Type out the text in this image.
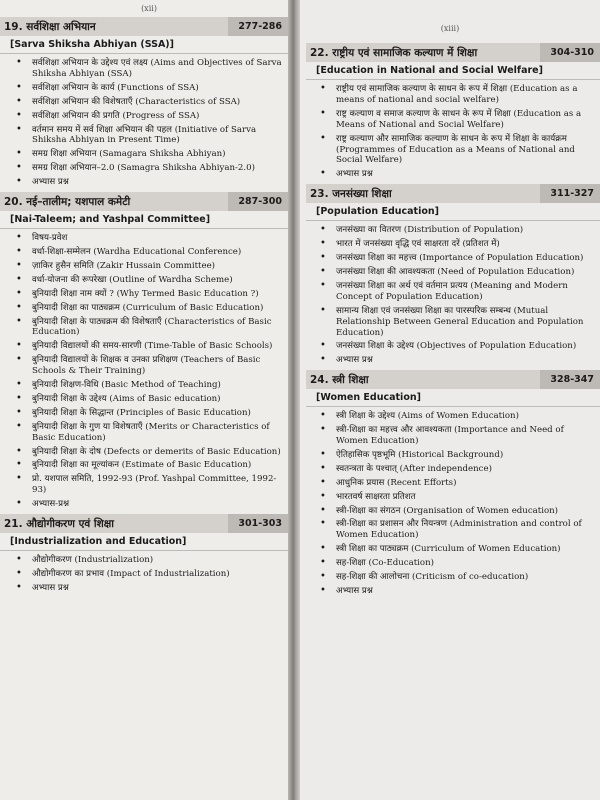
(xii)
19. सर्वशिक्षा अभियान	277-286
[Sarva Shiksha Abhiyan (SSA)]
• सर्वशिक्षा अभियान के उद्देश्य एवं लक्ष्य (Aims and Objectives of Sarva Shiksha Abhiyan (SSA)
• सर्वशिक्षा अभियान के कार्य (Functions of SSA)
• सर्वशिक्षा अभियान की विशेषताएँ (Characteristics of SSA)
• सर्वशिक्षा अभियान की प्रगति (Progress of SSA)
• वर्तमान समय में सर्व शिक्षा अभियान की पहल (Initiative of Sarva Shiksha Abhiyan in Present Time)
• समग्र शिक्षा अभियान (Samagara Shiksha Abhiyan)
• समग्र शिक्षा अभियान–2.0 (Samagra Shiksha Abhiyan-2.0)
• अभ्यास प्रश्न
20. नई–तालीम; यशपाल कमेटी	287-300
[Nai-Taleem; and Yashpal Committee]
• विषय-प्रवेश
• वर्धा-शिक्षा-सम्मेलन (Wardha Educational Conference)
• ज़ाकिर हुसैन समिति (Zakir Hussain Committee)
• वर्धा-योजना की रूपरेखा (Outline of Wardha Scheme)
• बुनियादी शिक्षा नाम क्यों ? (Why Termed Basic Education ?)
• बुनियादी शिक्षा का पाठ्यक्रम (Curriculum of Basic Education)
• बुनियादी शिक्षा के पाठ्यक्रम की विशेषताएँ (Characteristics of Basic Education)
• बुनियादी विद्यालयों की समय-सारणी (Time-Table of Basic Schools)
• बुनियादी विद्यालयों के शिक्षक व उनका प्रशिक्षण (Teachers of Basic Schools & Their Training)
• बुनियादी शिक्षण-विधि (Basic Method of Teaching)
• बुनियादी शिक्षा के उद्देश्य (Aims of Basic education)
• बुनियादी शिक्षा के सिद्धान्त (Principles of Basic Education)
• बुनियादी शिक्षा के गुण या विशेषताएँ (Merits or Characteristics of Basic Education)
• बुनियादी शिक्षा के दोष (Defects or demerits of Basic Education)
• बुनियादी शिक्षा का मूल्यांकन (Estimate of Basic Education)
• प्रो. यशपाल समिति, 1992-93 (Prof. Yashpal Committee, 1992-93)
• अभ्यास-प्रश्न
21. औद्योगीकरण एवं शिक्षा	301-303
[Industrialization and Education]
• औद्योगीकरण (Industrialization)
• औद्योगीकरण का प्रभाव (Impact of Industrialization)
• अभ्यास प्रश्न
(xiii)
22. राष्ट्रीय एवं सामाजिक कल्याण में शिक्षा	304-310
[Education in National and Social Welfare]
• राष्ट्रीय एवं सामाजिक कल्याण के साधन के रूप में शिक्षा (Education as a means of national and social welfare)
• राष्ट्र कल्याण व समाज कल्याण के साधन के रूप में शिक्षा (Education as a Means of National and Social Welfare)
• राष्ट्र कल्याण और सामाजिक कल्याण के साधन के रूप में शिक्षा के कार्यक्रम (Programmes of Education as a Means of National and Social Welfare)
• अभ्यास प्रश्न
23. जनसंख्या शिक्षा	311-327
[Population Education]
• जनसंख्या का वितरण (Distribution of Population)
• भारत में जनसंख्या वृद्धि एवं साक्षरता दरें (प्रतिशत में)
• जनसंख्या शिक्षा का महत्त्व (Importance of Population Education)
• जनसंख्या शिक्षा की आवश्यकता (Need of Population Education)
• जनसंख्या शिक्षा का अर्थ एवं वर्तमान प्रत्यय (Meaning and Modern Concept of Population Education)
• सामान्य शिक्षा एवं जनसंख्या शिक्षा का पारस्परिक सम्बन्ध (Mutual Relationship Between General Education and Population Education)
• जनसंख्या शिक्षा के उद्देश्य (Objectives of Population Education)
• अभ्यास प्रश्न
24. स्त्री शिक्षा	328-347
[Women Education]
• स्त्री शिक्षा के उद्देश्य (Aims of Women Education)
• स्त्री-शिक्षा का महत्त्व और आवश्यकता (Importance and Need of Women Education)
• ऐतिहासिक पृष्ठभूमि (Historical Background)
• स्वतन्त्रता के पश्चात् (After independence)
• आधुनिक प्रयास (Recent Efforts)
• भारतवर्ष साक्षरता प्रतिशत
• स्त्री-शिक्षा का संगठन (Organisation of Women education)
• स्त्री-शिक्षा का प्रशासन और नियन्त्रण (Administration and control of Women Education)
• स्त्री शिक्षा का पाठ्यक्रम (Curriculum of Women Education)
• सह-शिक्षा (Co-Education)
• सह-शिक्षा की आलोचना (Criticism of co-education)
• अभ्यास प्रश्न
